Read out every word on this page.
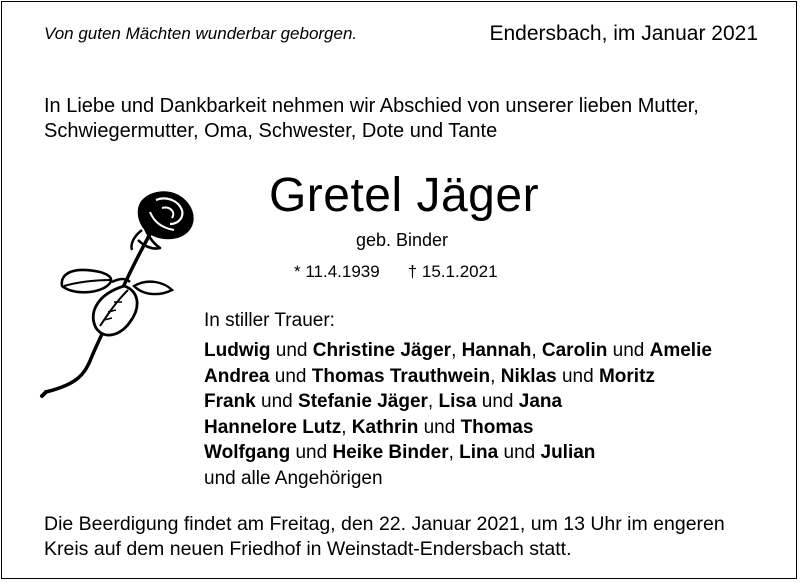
Von guten Mächten wunderbar geborgen.	Endersbach, im Januar 2021
In Liebe und Dankbarkeit nehmen wir Abschied von unserer lieben Mutter,
Schwiegermutter, Oma, Schwester, Dote und Tante
Gretel Jäger
geb. Binder
* 11.4.1939 † 15.1.2021
In stiller Trauer:
Ludwig und Christine Jäger, Hannah, Carolin und Amelie
Andrea und Thomas Trauthwein, Niklas und Moritz
Frank und Stefanie Jäger, Lisa und Jana
Hannelore Lutz, Kathrin und Thomas
Wolfgang und Heike Binder, Lina und Julian
und alle Angehörigen
Die Beerdigung findet am Freitag, den 22. Januar 2021, um 13 Uhr im engeren
Kreis auf dem neuen Friedhof in Weinstadt-Endersbach statt.
